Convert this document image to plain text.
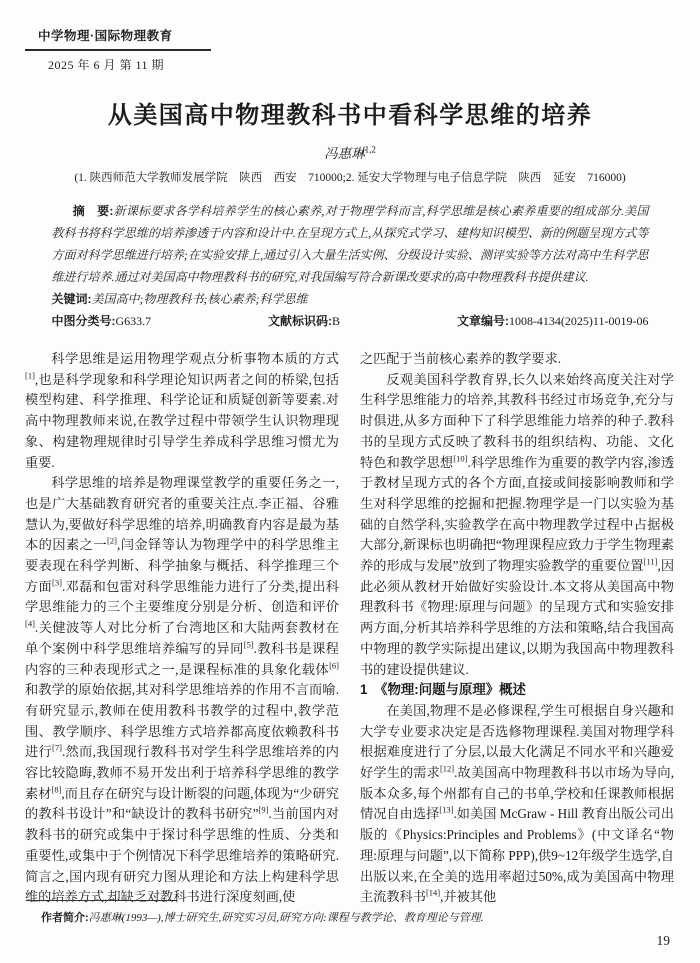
中学物理·国际物理教育
2025 年 6 月 第 11 期
从美国高中物理教科书中看科学思维的培养
冯惠琳$^{1,2}$
(1. 陕西师范大学教师发展学院　陕西　西安　710000;2. 延安大学物理与电子信息学院　陕西　延安　716000)

摘　要:新课标要求各学科培养学生的核心素养,对于物理学科而言,科学思维是核心素养重要的组成部分.美国教科书将科学思维的培养渗透于内容和设计中.在呈现方式上,从探究式学习、建构知识模型、新的例题呈现方式等方面对科学思维进行培养;在实验安排上,通过引入大量生活实例、分级设计实验、测评实验等方法对高中生科学思维进行培养.通过对美国高中物理教科书的研究,对我国编写符合新课改要求的高中物理教科书提供建议.

关键词:美国高中;物理教科书;核心素养;科学思维

中图分类号:G633.7	文献标识码:B	文章编号:1008-4134(2025)11-0019-06

科学思维是运用物理学观点分析事物本质的方式[1],也是科学现象和科学理论知识两者之间的桥梁,包括模型构建、科学推理、科学论证和质疑创新等要素.对高中物理教师来说,在教学过程中带领学生认识物理现象、构建物理规律时引导学生养成科学思维习惯尤为重要.

科学思维的培养是物理课堂教学的重要任务之一,也是广大基础教育研究者的重要关注点.李正福、谷雅慧认为,要做好科学思维的培养,明确教育内容是最为基本的因素之一[2],闫金铎等认为物理学中的科学思维主要表现在科学判断、科学抽象与概括、科学推理三个方面[3].邓磊和包雷对科学思维能力进行了分类,提出科学思维能力的三个主要维度分别是分析、创造和评价[4].关健波等人对比分析了台湾地区和大陆两套教材在单个案例中科学思维培养编写的异同[5].教科书是课程内容的三种表现形式之一,是课程标准的具象化载体[6]和教学的原始依据,其对科学思维培养的作用不言而喻.有研究显示,教师在使用教科书教学的过程中,教学范围、教学顺序、科学思维方式培养都高度依赖教科书进行[7].然而,我国现行教科书对学生科学思维培养的内容比较隐晦,教师不易开发出利于培养科学思维的教学素材[8],而且存在研究与设计断裂的问题,体现为“少研究的教科书设计”和“缺设计的教科书研究”[9].当前国内对教科书的研究或集中于探讨科学思维的性质、分类和重要性,或集中于个例情况下科学思维培养的策略研究.简言之,国内现有研究力图从理论和方法上构建科学思维的培养方式,却缺乏对教科书进行深度刻画,使

之匹配于当前核心素养的教学要求.

反观美国科学教育界,长久以来始终高度关注对学生科学思维能力的培养,其教科书经过市场竞争,充分与时俱进,从多方面种下了科学思维能力培养的种子.教科书的呈现方式反映了教科书的组织结构、功能、文化特色和教学思想[10].科学思维作为重要的教学内容,渗透于教材呈现方式的各个方面,直接或间接影响教师和学生对科学思维的挖掘和把握.物理学是一门以实验为基础的自然学科,实验教学在高中物理教学过程中占据极大部分,新课标也明确把“物理课程应致力于学生物理素养的形成与发展”放到了物理实验教学的重要位置[11],因此必须从教材开始做好实验设计.本文将从美国高中物理教科书《物理:原理与问题》的呈现方式和实验安排两方面,分析其培养科学思维的方法和策略,结合我国高中物理的教学实际提出建议,以期为我国高中物理教科书的建设提供建议.

1　《物理:问题与原理》概述

在美国,物理不是必修课程,学生可根据自身兴趣和大学专业要求决定是否选修物理课程.美国对物理学科根据难度进行了分层,以最大化满足不同水平和兴趣爱好学生的需求[12].故美国高中物理教科书以市场为导向,版本众多,每个州都有自己的书单,学校和任课教师根据情况自由选择[13].如美国 McGraw - Hill 教育出版公司出版的《Physics:Principles and Problems》(中文译名“物理:原理与问题”,以下简称 PPP),供9~12年级学生选学,自出版以来,在全美的选用率超过50%,成为美国高中物理主流教科书[14],并被其他

作者简介:冯惠琳(1993—),博士研究生,研究实习员,研究方向:课程与教学论、教育理论与管理.
19
